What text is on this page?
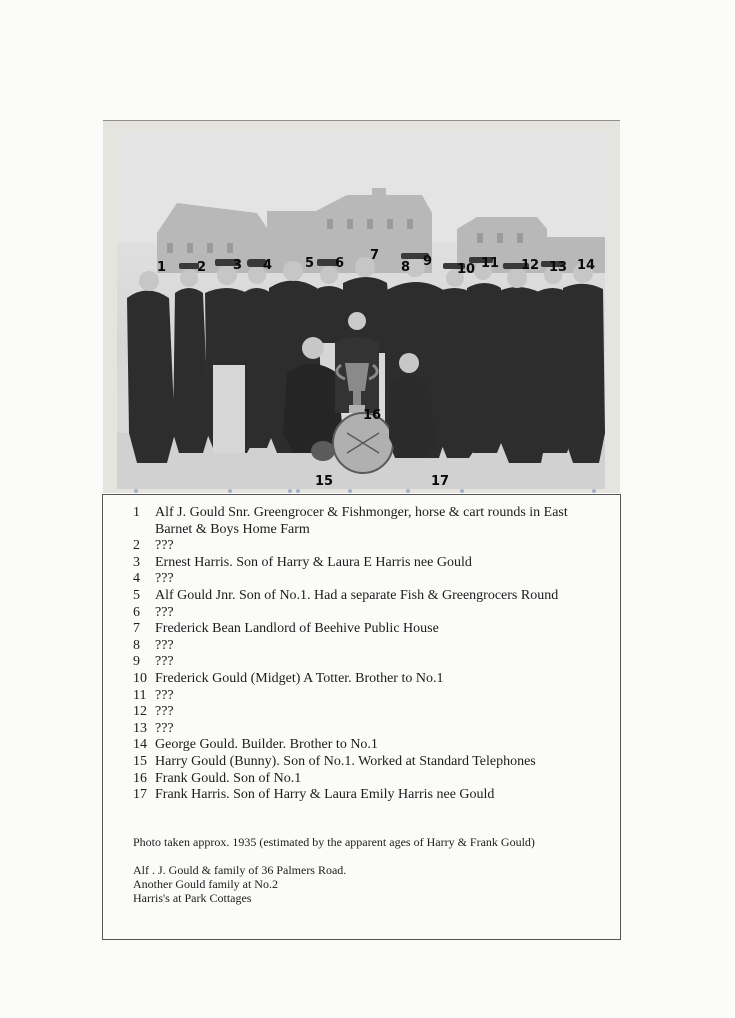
1 2 3 4	5 6
7
8 9
10 11 12 13 14
15
16
17
1 Alf J. Gould Snr. Greengrocer & Fishmonger, horse & cart rounds in East Barnet & Boys Home Farm
2 ???
3 Ernest Harris. Son of Harry & Laura E Harris nee Gould
4 ???
5 Alf Gould Jnr. Son of No.1. Had a separate Fish & Greengrocers Round
6 ???
7 Frederick Bean Landlord of Beehive Public House
8 ???
9 ???
10 Frederick Gould (Midget) A Totter. Brother to No.1
11 ???
12 ???
13 ???
14 George Gould. Builder. Brother to No.1
15 Harry Gould (Bunny). Son of No.1. Worked at Standard Telephones
16 Frank Gould. Son of No.1
17 Frank Harris. Son of Harry & Laura Emily Harris nee Gould
Photo taken approx. 1935 (estimated by the apparent ages of Harry & Frank Gould)
Alf . J. Gould & family of 36 Palmers Road.
Another Gould family at No.2
Harris's at Park Cottages
